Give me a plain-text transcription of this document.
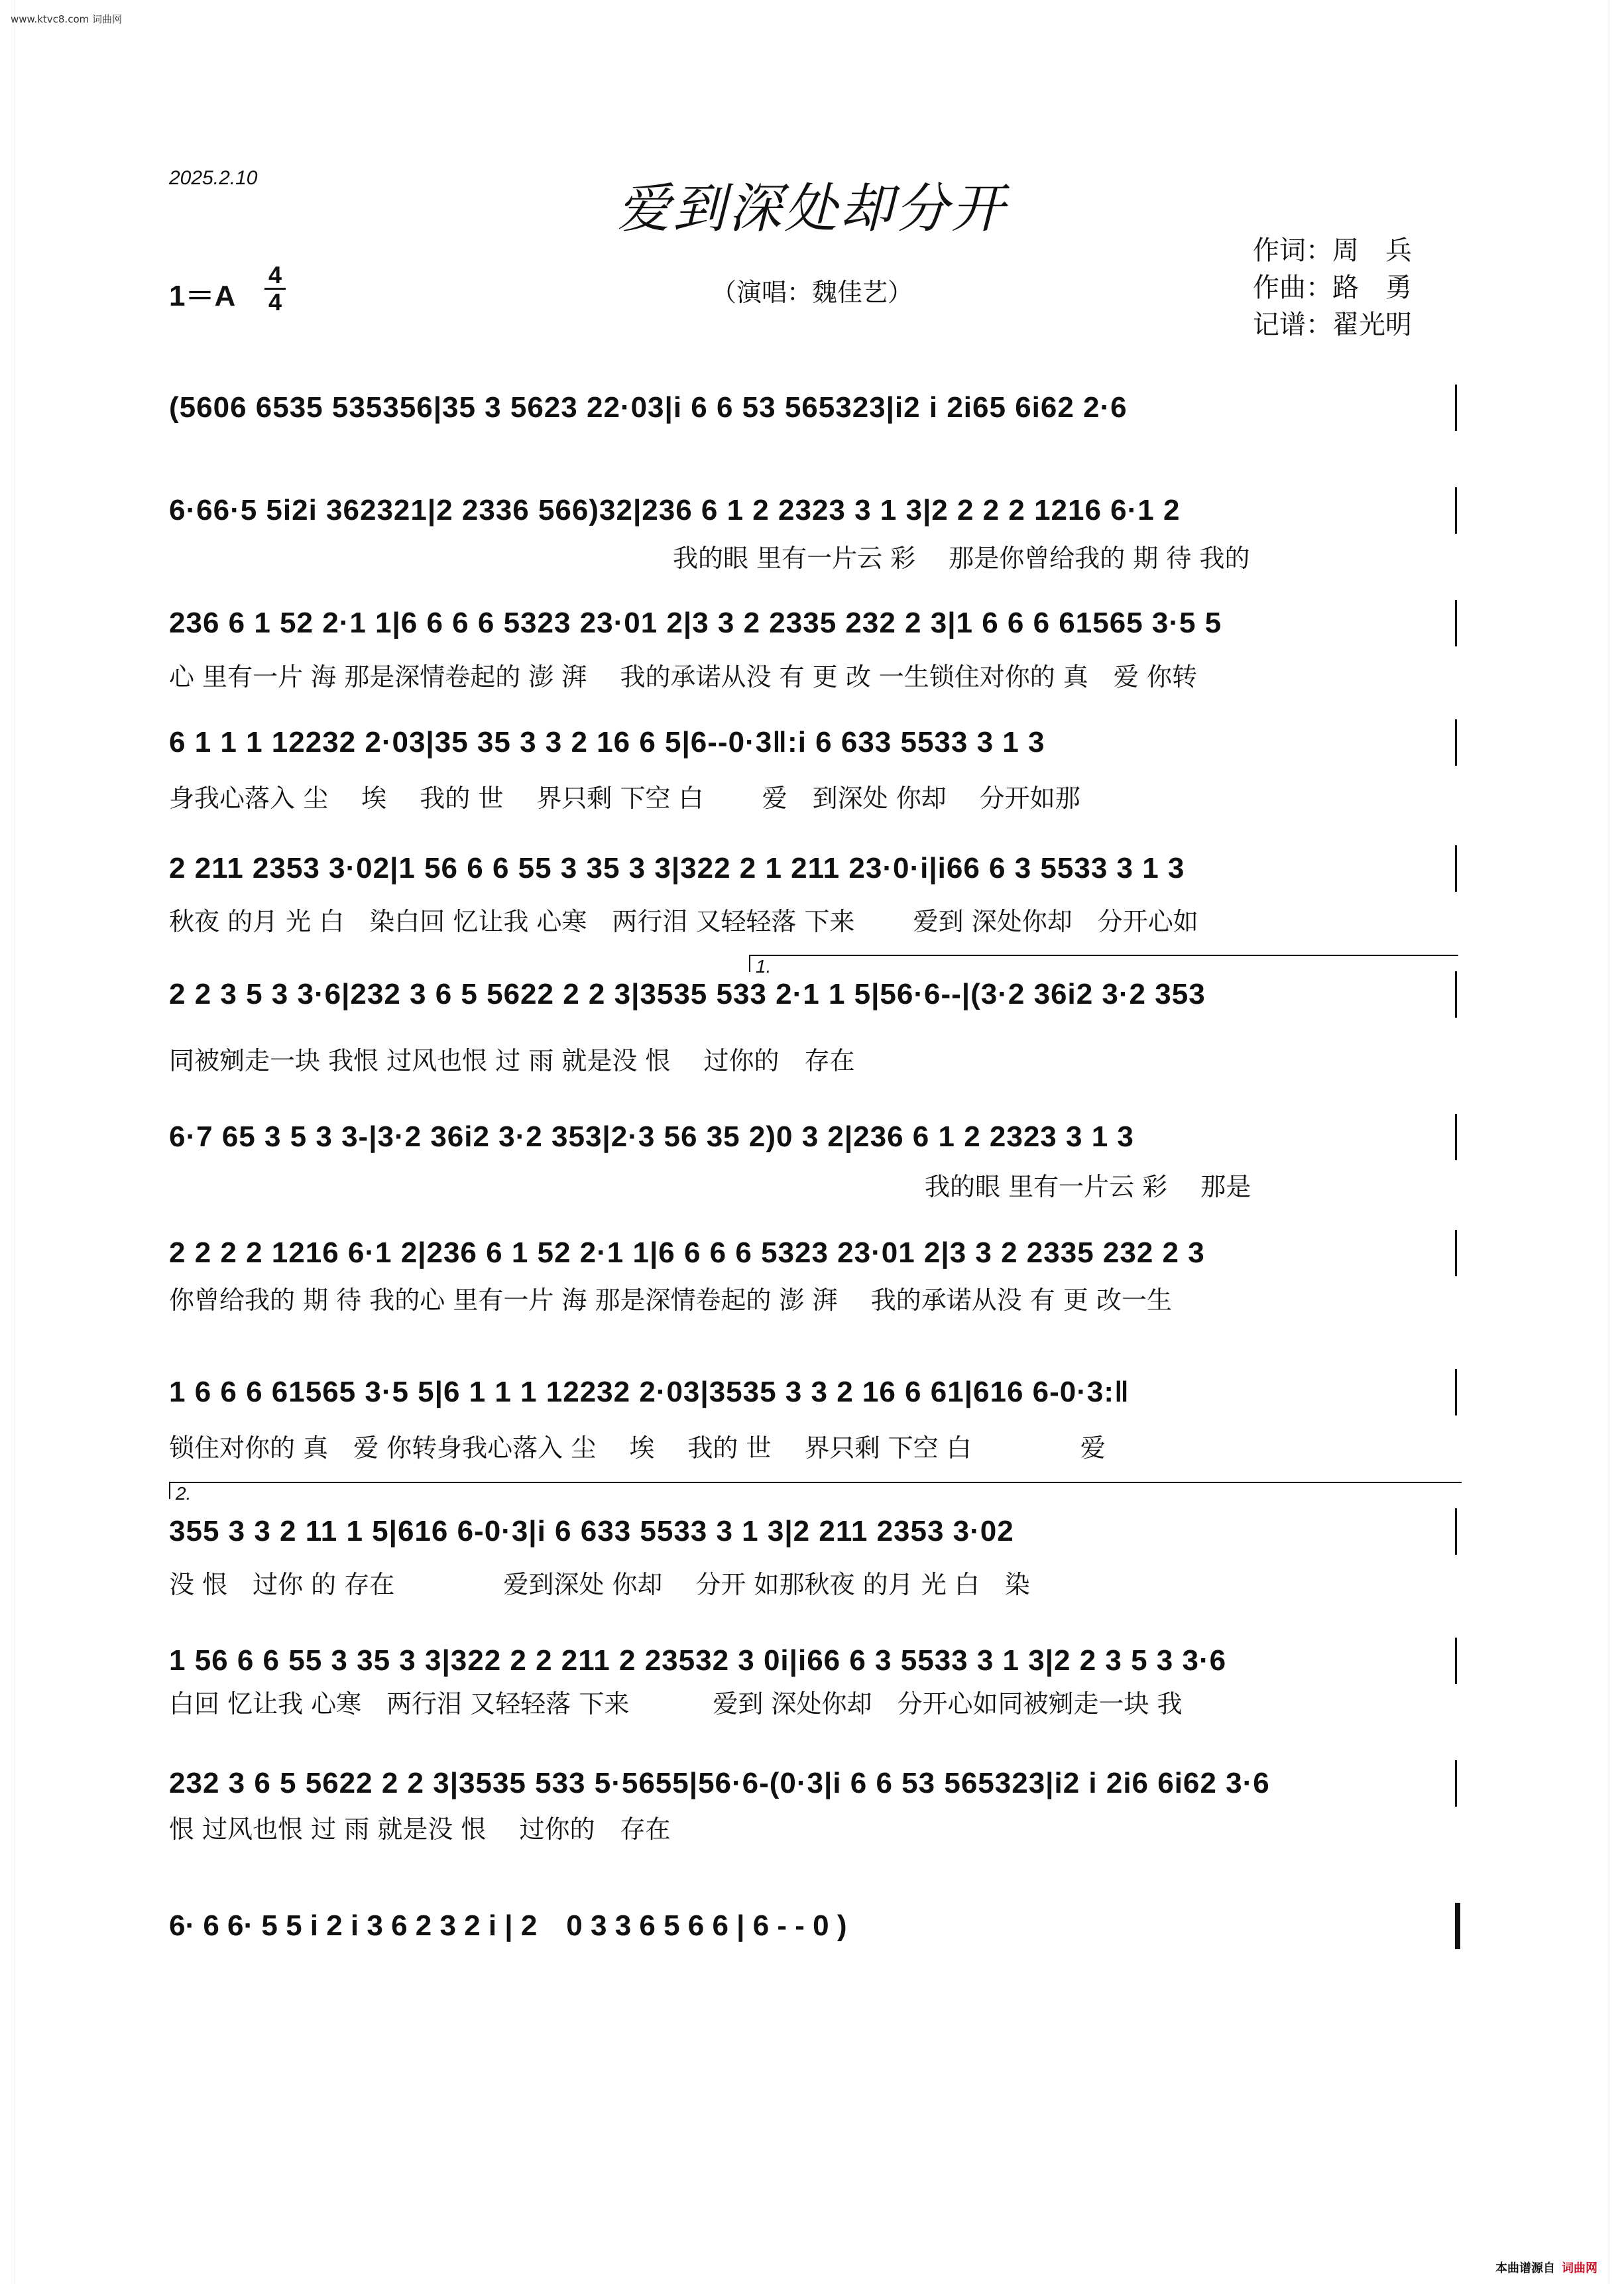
www.ktvc8.com 词曲网
2025.2.10	爱到深处却分开
作词：周　兵
作曲：路　勇
记谱：翟光明
1＝A
4
4	（演唱：魏佳艺）
(5606 6535 535356|35 3 5623 22·03|i 6 6 53 565323|i2 i 2i65 6i62 2·6
6·66·5 5i2i 362321|2 2336 566)32|236 6 1 2 2323 3 1 3|2 2 2 2 1216 6·1 2
　　　　　　　　　　　　　　　　　　　　我的眼 里有一片云 彩　 那是你曾给我的 期 待 我的
236 6 1 52 2·1 1|6 6 6 6 5323 23·01 2|3 3 2 2335 232 2 3|1 6 6 6 61565 3·5 5
心 里有一片 海 那是深情卷起的 澎 湃　 我的承诺从没 有 更 改 一生锁住对你的 真　爱 你转
6 1 1 1 12232 2·03|35 35 3 3 2 16 6 5|6--0·3‖:i 6 633 5533 3 1 3
身我心落入 尘　 埃　 我的 世　 界只剩 下空 白　　 爱　到深处 你却　 分开如那
2 211 2353 3·02|1 56 6 6 55 3 35 3 3|322 2 1 211 23·0·i|i66 6 3 5533 3 1 3
秋夜 的月 光 白　染白回 忆让我 心寒　两行泪 又轻轻落 下来　　 爱到 深处你却　分开心如
1.
2 2 3 5 3 3·6|232 3 6 5 5622 2 2 3|3535 533 2·1 1 5|56·6--|(3·2 36i2 3·2 353
同被剜走一块 我恨 过风也恨 过 雨 就是没 恨　 过你的　存在
6·7 65 3 5 3 3-|3·2 36i2 3·2 353|2·3 56 35 2)0 3 2|236 6 1 2 2323 3 1 3
　　　　　　　　　　　　　　　　　　　　　　　　　　　　　　我的眼 里有一片云 彩　 那是
2 2 2 2 1216 6·1 2|236 6 1 52 2·1 1|6 6 6 6 5323 23·01 2|3 3 2 2335 232 2 3
你曾给我的 期 待 我的心 里有一片 海 那是深情卷起的 澎 湃　 我的承诺从没 有 更 改一生
1 6 6 6 61565 3·5 5|6 1 1 1 12232 2·03|3535 3 3 2 16 6 61|616 6-0·3:‖
锁住对你的 真　爱 你转身我心落入 尘　 埃　 我的 世　 界只剩 下空 白　　　　 爱
2.
355 3 3 2 11 1 5|616 6-0·3|i 6 633 5533 3 1 3|2 211 2353 3·02
没 恨　过你 的 存在　　　　 爱到深处 你却　 分开 如那秋夜 的月 光 白　染
1 56 6 6 55 3 35 3 3|322 2 2 211 2 23532 3 0i|i66 6 3 5533 3 1 3|2 2 3 5 3 3·6
白回 忆让我 心寒　两行泪 又轻轻落 下来　　　 爱到 深处你却　分开心如同被剜走一块 我
232 3 6 5 5622 2 2 3|3535 533 5·5655|56·6-(0·3|i 6 6 53 565323|i2 i 2i6 6i62 3·6
恨 过风也恨 过 雨 就是没 恨　 过你的　存在
6· 6 6· 5 5 i 2 i 3 6 2 3 2 i | 2　0 3 3 6 5 6 6 | 6 - - 0 )
本曲谱源自 词曲网
